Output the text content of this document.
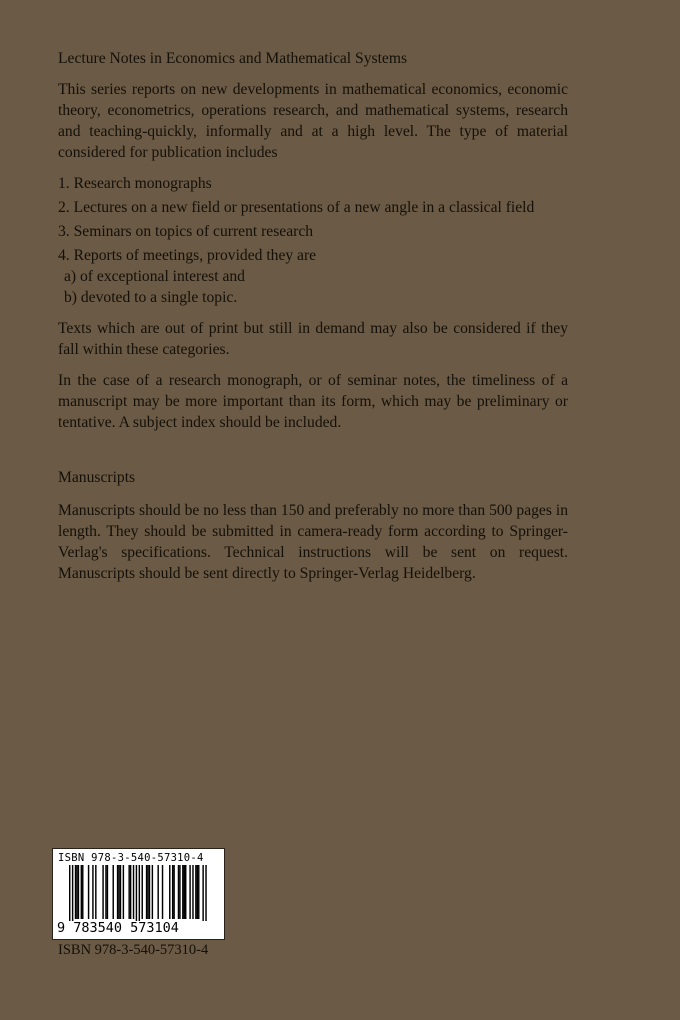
Lecture Notes in Economics and Mathematical Systems

This series reports on new developments in mathematical economics, economic theory, econometrics, operations research, and mathematical systems, research and teaching-quickly, informally and at a high level. The type of material considered for publication includes

1. Research monographs
2. Lectures on a new field or presentations of a new angle in a classical field
3. Seminars on topics of current research
4. Reports of meetings, provided they are
a) of exceptional interest and
b) devoted to a single topic.

Texts which are out of print but still in demand may also be considered if they fall within these categories.

In the case of a research monograph, or of seminar notes, the timeliness of a manuscript may be more important than its form, which may be preliminary or tentative. A subject index should be included.

Manuscripts

Manuscripts should be no less than 150 and preferably no more than 500 pages in length. They should be submitted in camera-ready form according to Springer-Verlag's specifications. Technical instructions will be sent on request. Manuscripts should be sent directly to Springer-Verlag Heidelberg.

ISBN 978-3-540-57310-4
9 783540 573104
ISBN 978-3-540-57310-4
